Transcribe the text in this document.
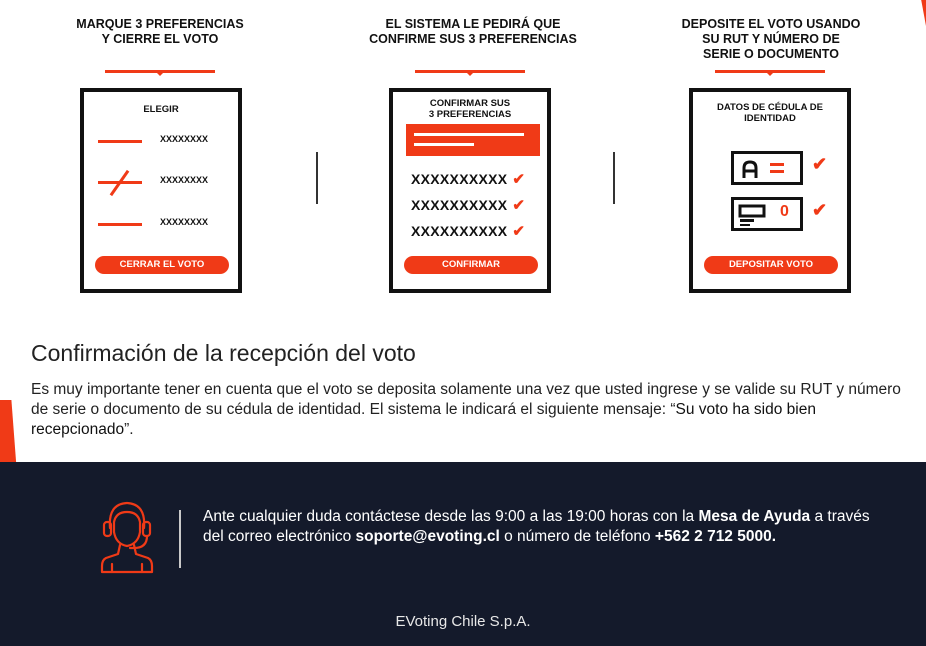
MARQUE 3 PREFERENCIAS
Y CIERRE EL VOTO
ELEGIR
XXXXXXXX
XXXXXXXX
XXXXXXXX
CERRAR EL VOTO
EL SISTEMA LE PEDIRÁ QUE
CONFIRME SUS 3 PREFERENCIAS
CONFIRMAR SUS
3 PREFERENCIAS
XXXXXXXXXX ✔
XXXXXXXXXX ✔
XXXXXXXXXX ✔
CONFIRMAR
DEPOSITE EL VOTO USANDO
SU RUT Y NÚMERO DE
SERIE O DOCUMENTO
DATOS DE CÉDULA DE
IDENTIDAD
✔
0 ✔
DEPOSITAR VOTO
Confirmación de la recepción del voto
Es muy importante tener en cuenta que el voto se deposita solamente una vez que usted ingrese y se valide su RUT y número de serie o documento de su cédula de identidad. El sistema le indicará el siguiente mensaje: “Su voto ha sido bien recepcionado”.
Ante cualquier duda contáctese desde las 9:00 a las 19:00 horas con la Mesa de Ayuda a través del correo electrónico soporte@evoting.cl o número de teléfono +562 2 712 5000.
EVoting Chile S.p.A.
